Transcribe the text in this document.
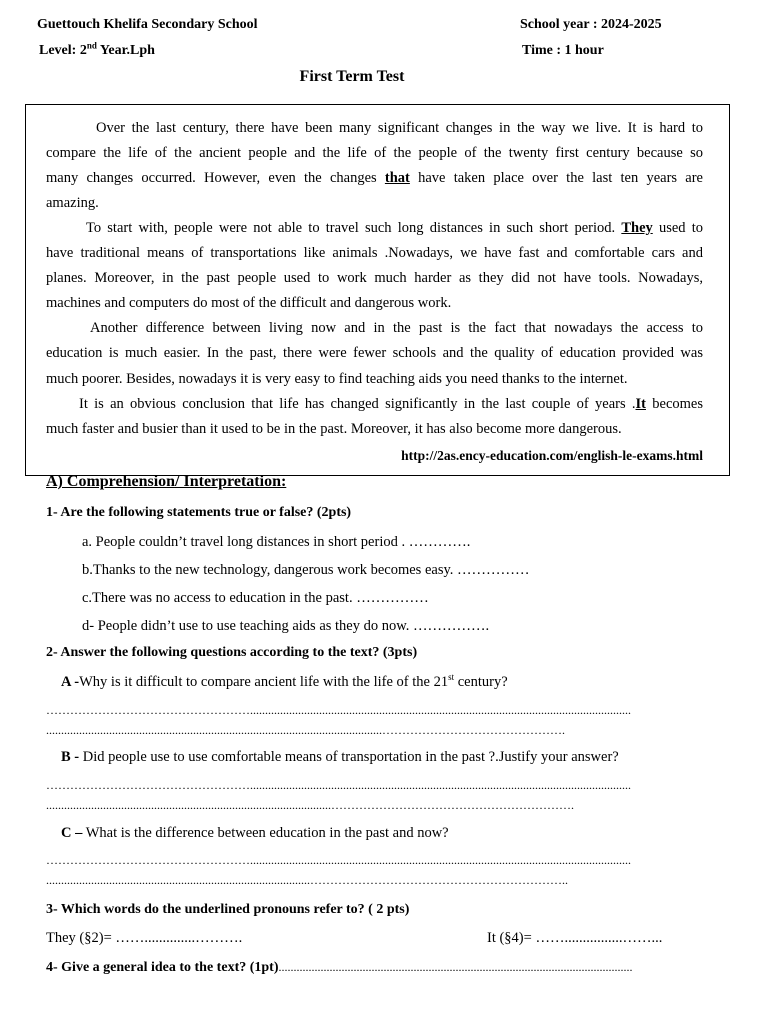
Guettouch Khelifa Secondary School	School year : 2024-2025
Level: 2nd Year.Lph	Time : 1 hour
First Term Test
Over the last century, there have been many significant changes in the way we live. It is hard to
compare the life of the ancient people and the life of the people of the twenty first century because so
many changes occurred. However, even the changes that have taken place over the last ten years are
amazing.
To start with, people were not able to travel such long distances in such short period. They used to
have traditional means of transportations like animals .Nowadays, we have fast and comfortable cars and
planes. Moreover, in the past people used to work much harder as they did not have tools. Nowadays,
machines and computers do most of the difficult and dangerous work.
Another difference between living now and in the past is the fact that nowadays the access to
education is much easier. In the past, there were fewer schools and the quality of education provided was
much poorer. Besides, nowadays it is very easy to find teaching aids you need thanks to the internet.
It is an obvious conclusion that life has changed significantly in the last couple of years .It becomes
much faster and busier than it used to be in the past. Moreover, it has also become more dangerous.
http://2as.ency-education.com/english-le-exams.html
A) Comprehension/ Interpretation:
1- Are the following statements true or false? (2pts)
a. People couldn’t travel long distances in short period . ………….
b.Thanks to the new technology, dangerous work becomes easy. ……………
c.There was no access to education in the past. ……………
d- People didn’t use to use teaching aids as they do now. …………….
2- Answer the following questions according to the text? (3pts)
A -Why is it difficult to compare ancient life with the life of the 21st century?
……………………………………………...............................................................................................................................
................................................................................................................……………………………………….
B - Did people use to use comfortable means of transportation in the past ?.Justify your answer?
……………………………………………...............................................................................................................................
...............................................................................................…………………………………………………….
C – What is the difference between education in the past and now?
……………………………………………...............................................................................................................................
........................................................................................………………………………………………………..
3- Which words do the underlined pronouns refer to? ( 2 pts)
They (§2)= ……..............……….	It (§4)= ……................……...
4- Give a general idea to the text? (1pt)......................................................................................................................
